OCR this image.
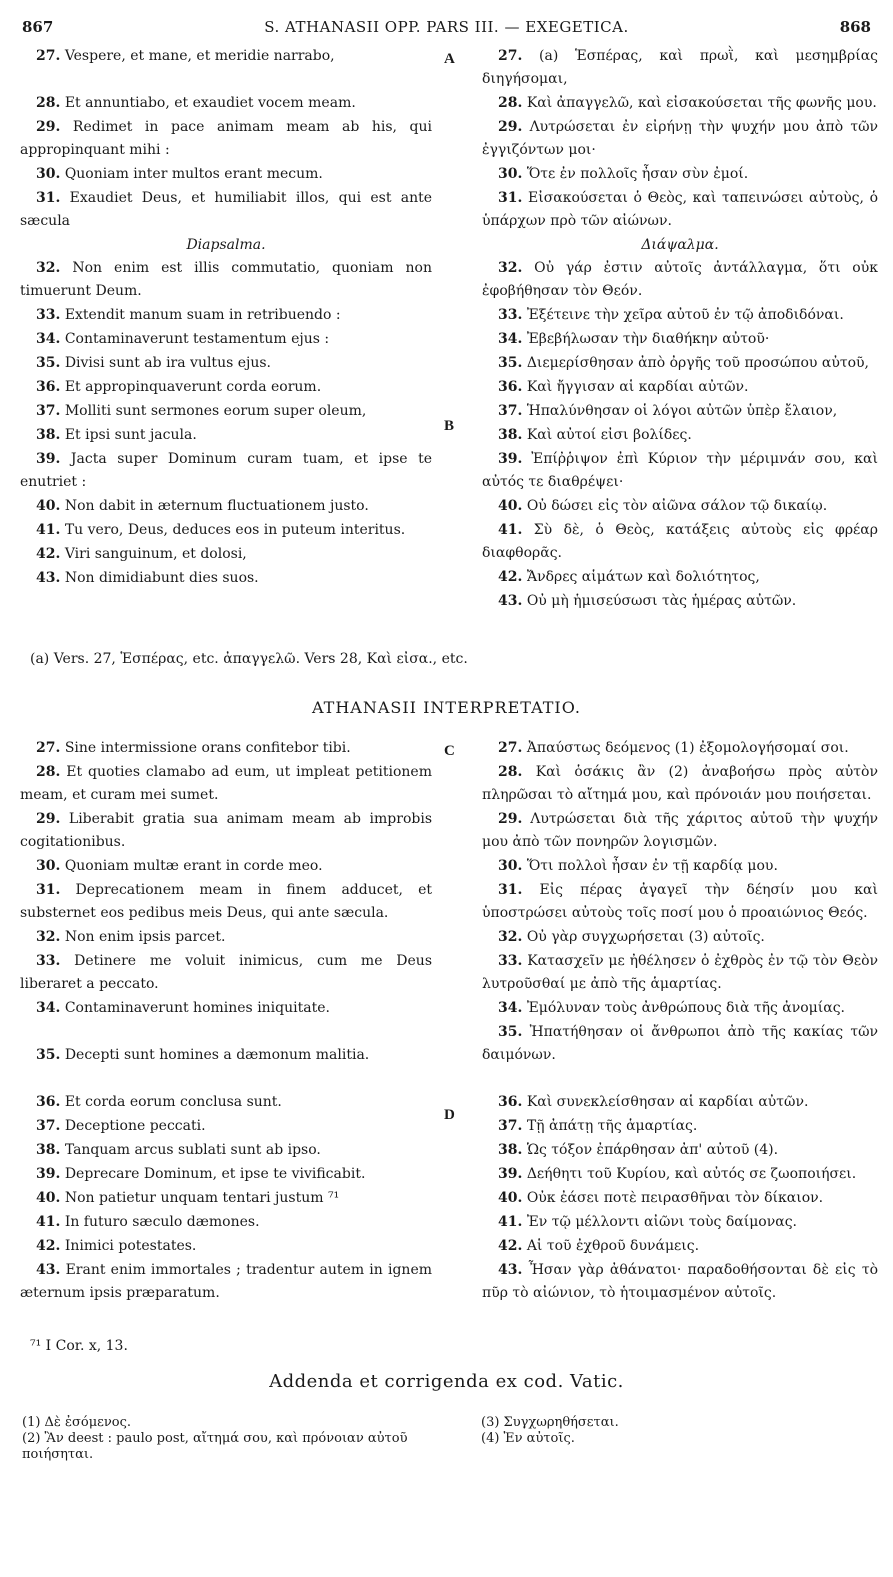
867	S. ATHANASII OPP. PARS III. — EXEGETICA.	868

27. Vespere, et mane, et meridie narrabo,

28. Et annuntiabo, et exaudiet vocem meam.

29. Redimet in pace animam meam ab his, qui appropinquant mihi :

30. Quoniam inter multos erant mecum.

31. Exaudiet Deus, et humiliabit illos, qui est ante sæcula

Diapsalma.

32. Non enim est illis commutatio, quoniam non timuerunt Deum.

33. Extendit manum suam in retribuendo :

34. Contaminaverunt testamentum ejus :

35. Divisi sunt ab ira vultus ejus.

36. Et appropinquaverunt corda eorum.

37. Molliti sunt sermones eorum super oleum,

38. Et ipsi sunt jacula.

39. Jacta super Dominum curam tuam, et ipse te enutriet :

40. Non dabit in æternum fluctuationem justo.

41. Tu vero, Deus, deduces eos in puteum interitus.

42. Viri sanguinum, et dolosi,

43. Non dimidiabunt dies suos.

27. (a) Ἑσπέρας, καὶ πρωῒ, καὶ μεσημβρίας διηγήσομαι,

28. Καὶ ἀπαγγελῶ, καὶ εἰσακούσεται τῆς φωνῆς μου.

29. Λυτρώσεται ἐν εἰρήνῃ τὴν ψυχήν μου ἀπὸ τῶν ἐγγιζόντων μοι·

30. Ὅτε ἐν πολλοῖς ἦσαν σὺν ἐμοί.

31. Εἰσακούσεται ὁ Θεὸς, καὶ ταπεινώσει αὐτοὺς, ὁ ὑπάρχων πρὸ τῶν αἰώνων.

Διάψαλμα.

32. Οὐ γάρ ἐστιν αὐτοῖς ἀντάλλαγμα, ὅτι οὐκ ἐφοβήθησαν τὸν Θεόν.

33. Ἐξέτεινε τὴν χεῖρα αὐτοῦ ἐν τῷ ἀποδιδόναι.

34. Ἐβεβήλωσαν τὴν διαθήκην αὐτοῦ·

35. Διεμερίσθησαν ἀπὸ ὀργῆς τοῦ προσώπου αὐτοῦ,

36. Καὶ ἤγγισαν αἱ καρδίαι αὐτῶν.

37. Ἡπαλύνθησαν οἱ λόγοι αὐτῶν ὑπὲρ ἔλαιον,

38. Καὶ αὐτοί εἰσι βολίδες.

39. Ἐπίῤῥιψον ἐπὶ Κύριον τὴν μέριμνάν σου, καὶ αὐτός τε διαθρέψει·

40. Οὐ δώσει εἰς τὸν αἰῶνα σάλον τῷ δικαίῳ.

41. Σὺ δὲ, ὁ Θεὸς, κατάξεις αὐτοὺς εἰς φρέαρ διαφθορᾶς.

42. Ἄνδρες αἱμάτων καὶ δολιότητος,

43. Οὐ μὴ ἡμισεύσωσι τὰς ἡμέρας αὐτῶν.

A
B
(a) Vers. 27, Ἑσπέρας, etc. ἀπαγγελῶ. Vers 28, Καὶ εἰσα., etc.
ATHANASII INTERPRETATIO.

27. Sine intermissione orans confitebor tibi.

28. Et quoties clamabo ad eum, ut impleat petitionem meam, et curam mei sumet.

29. Liberabit gratia sua animam meam ab improbis cogitationibus.

30. Quoniam multæ erant in corde meo.

31. Deprecationem meam in finem adducet, et substernet eos pedibus meis Deus, qui ante sæcula.

32. Non enim ipsis parcet.

33. Detinere me voluit inimicus, cum me Deus liberaret a peccato.

34. Contaminaverunt homines iniquitate.

35. Decepti sunt homines a dæmonum malitia.

36. Et corda eorum conclusa sunt.

37. Deceptione peccati.

38. Tanquam arcus sublati sunt ab ipso.

39. Deprecare Dominum, et ipse te vivificabit.

40. Non patietur unquam tentari justum ⁷¹

41. In futuro sæculo dæmones.

42. Inimici potestates.

43. Erant enim immortales ; tradentur autem in ignem æternum ipsis præparatum.

27. Ἀπαύστως δεόμενος (1) ἐξομολογήσομαί σοι.

28. Καὶ ὁσάκις ἂν (2) ἀναβοήσω πρὸς αὐτὸν πληρῶσαι τὸ αἴτημά μου, καὶ πρόνοιάν μου ποιήσεται.

29. Λυτρώσεται διὰ τῆς χάριτος αὐτοῦ τὴν ψυχήν μου ἀπὸ τῶν πονηρῶν λογισμῶν.

30. Ὅτι πολλοὶ ἦσαν ἐν τῇ καρδίᾳ μου.

31. Εἰς πέρας ἀγαγεῖ τὴν δέησίν μου καὶ ὑποστρώσει αὐτοὺς τοῖς ποσί μου ὁ προαιώνιος Θεός.

32. Οὐ γὰρ συγχωρήσεται (3) αὐτοῖς.

33. Κατασχεῖν με ἠθέλησεν ὁ ἐχθρὸς ἐν τῷ τὸν Θεὸν λυτροῦσθαί με ἀπὸ τῆς ἁμαρτίας.

34. Ἐμόλυναν τοὺς ἀνθρώπους διὰ τῆς ἀνομίας.

35. Ἠπατήθησαν οἱ ἄνθρωποι ἀπὸ τῆς κακίας τῶν δαιμόνων.

36. Καὶ συνεκλείσθησαν αἱ καρδίαι αὐτῶν.

37. Τῇ ἀπάτῃ τῆς ἁμαρτίας.

38. Ὡς τόξον ἐπάρθησαν ἀπ' αὐτοῦ (4).

39. Δεήθητι τοῦ Κυρίου, καὶ αὐτός σε ζωοποιήσει.

40. Οὐκ ἐάσει ποτὲ πειρασθῆναι τὸν δίκαιον.

41. Ἐν τῷ μέλλοντι αἰῶνι τοὺς δαίμονας.

42. Αἱ τοῦ ἐχθροῦ δυνάμεις.

43. Ἦσαν γὰρ ἀθάνατοι· παραδοθήσονται δὲ εἰς τὸ πῦρ τὸ αἰώνιον, τὸ ἡτοιμασμένον αὐτοῖς.

C
D
⁷¹ I Cor. x, 13.
Addenda et corrigenda ex cod. Vatic.

(1) Δὲ ἐσόμενος.

(2) Ἂν deest : paulo post, αἴτημά σου, καὶ πρόνοιαν αὐτοῦ ποιήσηται.

(3) Συγχωρηθήσεται.

(4) Ἐν αὐτοῖς.
